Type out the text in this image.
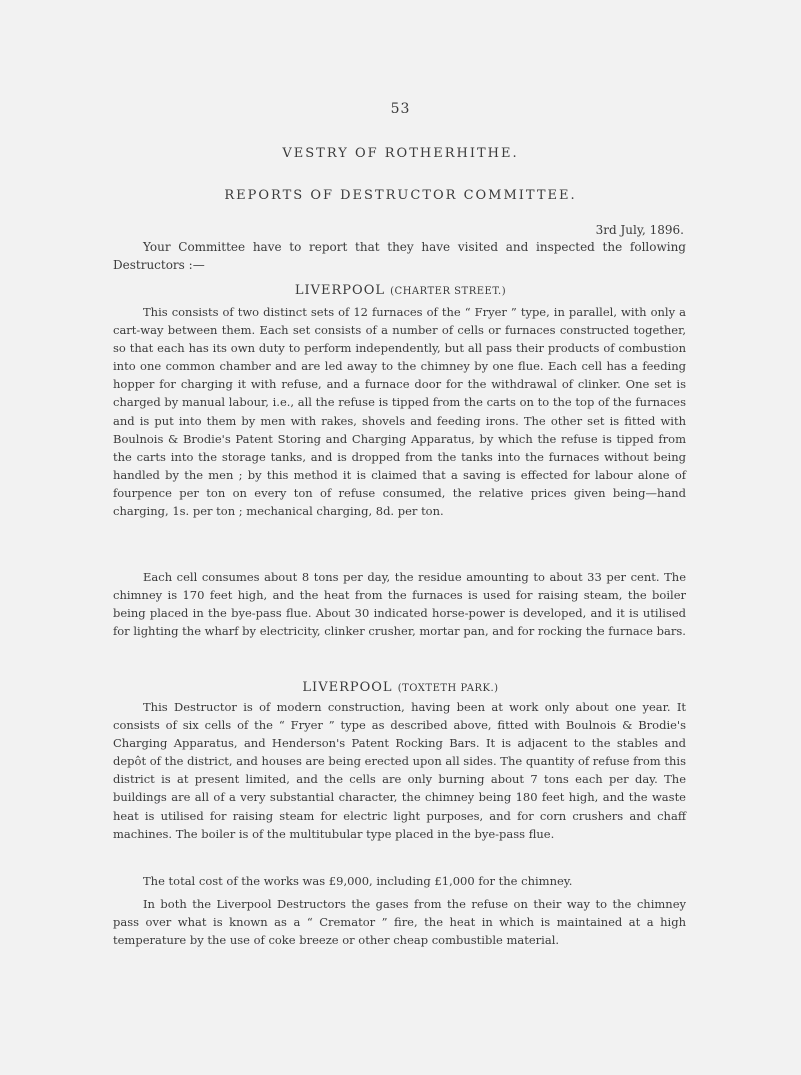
53
VESTRY OF ROTHERHITHE.
REPORTS OF DESTRUCTOR COMMITTEE.
3rd July, 1896.

Your Committee have to report that they have visited and inspected the following Destructors :—

LIVERPOOL (CHARTER STREET.)

This consists of two distinct sets of 12 furnaces of the “ Fryer ” type, in parallel, with only a cart-way between them. Each set consists of a number of cells or furnaces constructed together, so that each has its own duty to perform independently, but all pass their products of combustion into one common chamber and are led away to the chimney by one flue. Each cell has a feeding hopper for charging it with refuse, and a furnace door for the withdrawal of clinker. One set is charged by manual labour, i.e., all the refuse is tipped from the carts on to the top of the furnaces and is put into them by men with rakes, shovels and feeding irons. The other set is fitted with Boulnois & Brodie's Patent Storing and Charging Apparatus, by which the refuse is tipped from the carts into the storage tanks, and is dropped from the tanks into the furnaces without being handled by the men ; by this method it is claimed that a saving is effected for labour alone of fourpence per ton on every ton of refuse consumed, the relative prices given being—hand charging, 1s. per ton ; mechanical charging, 8d. per ton.

Each cell consumes about 8 tons per day, the residue amounting to about 33 per cent. The chimney is 170 feet high, and the heat from the furnaces is used for raising steam, the boiler being placed in the bye-pass flue. About 30 indicated horse-power is developed, and it is utilised for lighting the wharf by electricity, clinker crusher, mortar pan, and for rocking the furnace bars.

LIVERPOOL (TOXTETH PARK.)

This Destructor is of modern construction, having been at work only about one year. It consists of six cells of the “ Fryer ” type as described above, fitted with Boulnois & Brodie's Charging Apparatus, and Henderson's Patent Rocking Bars. It is adjacent to the stables and depôt of the district, and houses are being erected upon all sides. The quantity of refuse from this district is at present limited, and the cells are only burning about 7 tons each per day. The buildings are all of a very substantial character, the chimney being 180 feet high, and the waste heat is utilised for raising steam for electric light purposes, and for corn crushers and chaff machines. The boiler is of the multitubular type placed in the bye-pass flue.

The total cost of the works was £9,000, including £1,000 for the chimney.

In both the Liverpool Destructors the gases from the refuse on their way to the chimney pass over what is known as a “ Cremator ” fire, the heat in which is maintained at a high temperature by the use of coke breeze or other cheap combustible material.
